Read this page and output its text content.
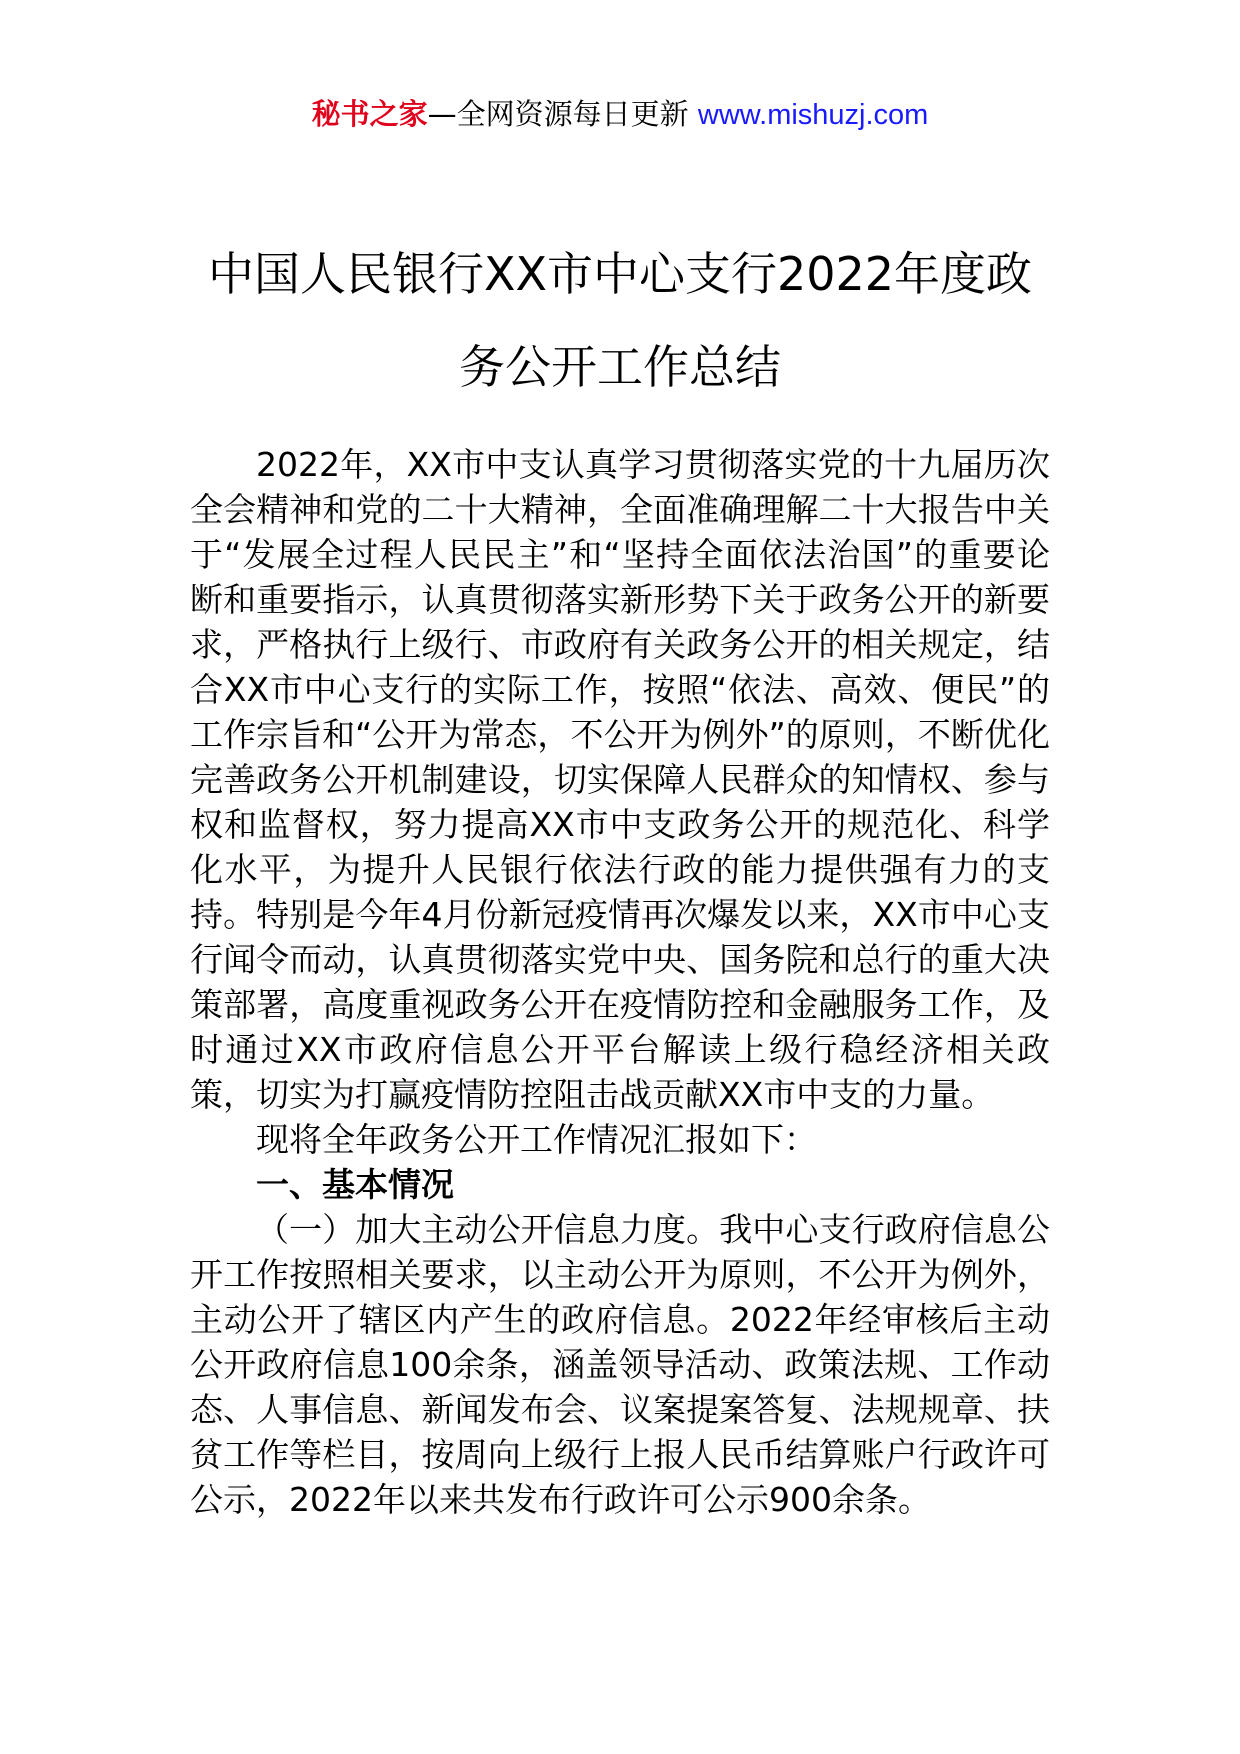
秘书之家—全网资源每日更新 www.mishuzj.com
中国人民银行XX市中心支行2022年度政务公开工作总结

2022年，XX市中支认真学习贯彻落实党的十九届历次全会精神和党的二十大精神，全面准确理解二十大报告中关于“发展全过程人民民主”和“坚持全面依法治国”的重要论断和重要指示，认真贯彻落实新形势下关于政务公开的新要求，严格执行上级行、市政府有关政务公开的相关规定，结合XX市中心支行的实际工作，按照“依法、高效、便民”的工作宗旨和“公开为常态，不公开为例外”的原则，不断优化完善政务公开机制建设，切实保障人民群众的知情权、参与权和监督权，努力提高XX市中支政务公开的规范化、科学化水平，为提升人民银行依法行政的能力提供强有力的支持。特别是今年4月份新冠疫情再次爆发以来，XX市中心支行闻令而动，认真贯彻落实党中央、国务院和总行的重大决策部署，高度重视政务公开在疫情防控和金融服务工作，及时通过XX市政府信息公开平台解读上级行稳经济相关政策，切实为打赢疫情防控阻击战贡献XX市中支的力量。

现将全年政务公开工作情况汇报如下：

一、基本情况

（一）加大主动公开信息力度。我中心支行政府信息公开工作按照相关要求，以主动公开为原则，不公开为例外，主动公开了辖区内产生的政府信息。2022年经审核后主动公开政府信息100余条，涵盖领导活动、政策法规、工作动态、人事信息、新闻发布会、议案提案答复、法规规章、扶贫工作等栏目，按周向上级行上报人民币结算账户行政许可公示，2022年以来共发布行政许可公示900余条。
